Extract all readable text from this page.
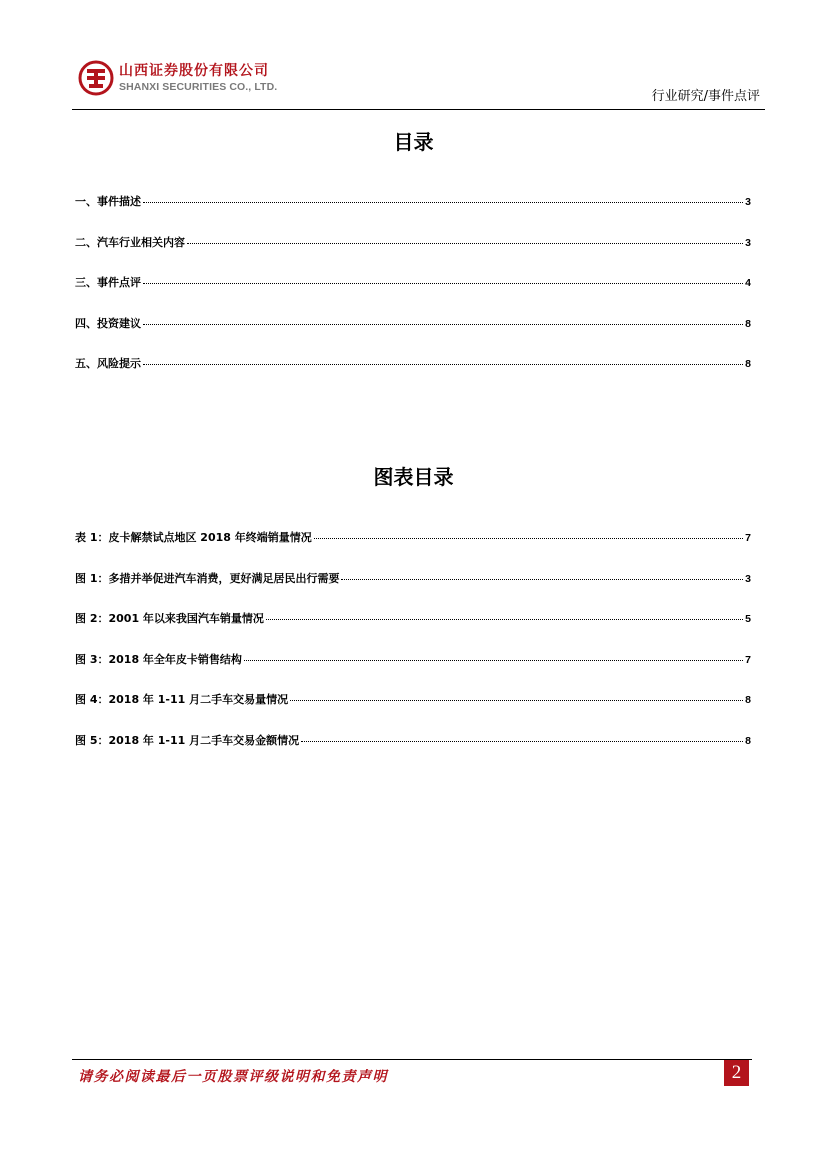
山西证券股份有限公司
SHANXI SECURITIES CO., LTD.
行业研究/事件点评
目录
一、事件描述	3
二、汽车行业相关内容	3
三、事件点评	4
四、投资建议	8
五、风险提示	8
图表目录
表 1：皮卡解禁试点地区 2018 年终端销量情况	7
图 1：多措并举促进汽车消费，更好满足居民出行需要	3
图 2：2001 年以来我国汽车销量情况	5
图 3：2018 年全年皮卡销售结构	7
图 4：2018 年 1-11 月二手车交易量情况	8
图 5：2018 年 1-11 月二手车交易金额情况	8
请务必阅读最后一页股票评级说明和免责声明	2
